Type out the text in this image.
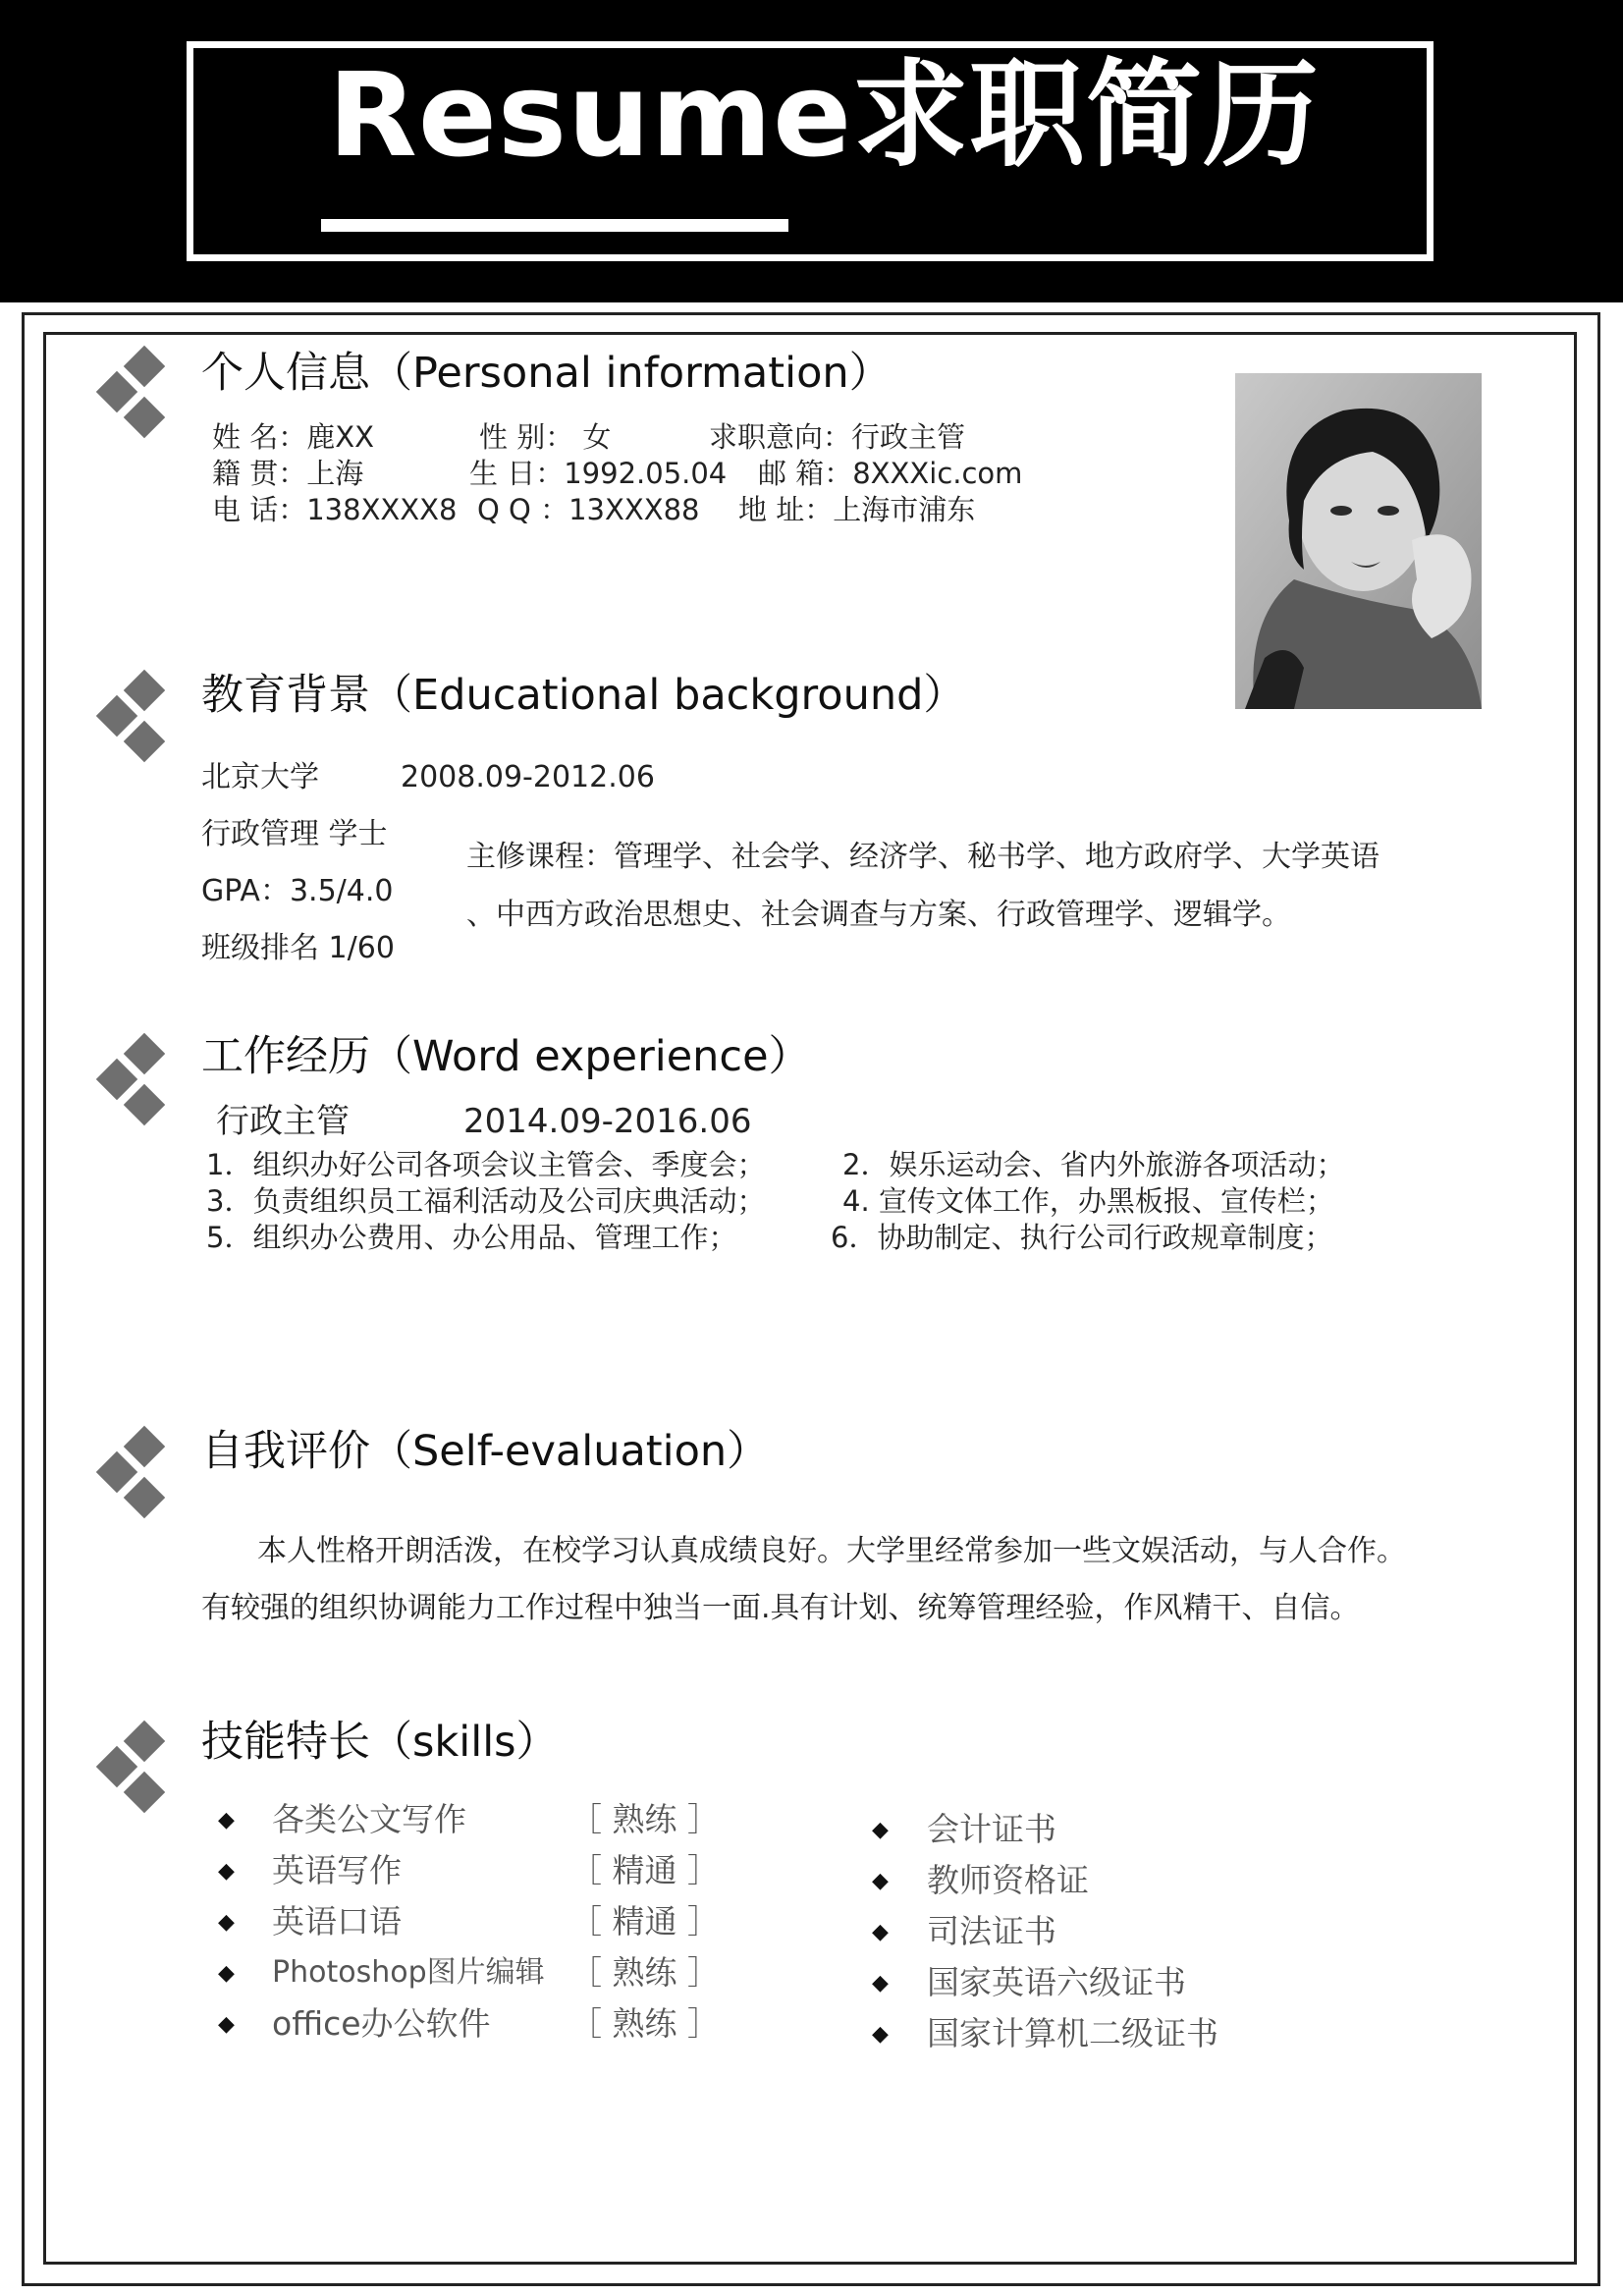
Resume求职简历
个人信息（Personal information）
姓 名：鹿XX	性 别： 女	求职意向：行政主管
籍 贯：上海	生 日：1992.05.04 邮 箱：8XXXic.com
电 话：138XXXX8 Q Q ：13XXX88 地 址：上海市浦东
教育背景（Educational background）
北京大学	2008.09-2012.06
行政管理 学士
GPA：3.5/4.0
班级排名 1/60
主修课程：管理学、社会学、经济学、秘书学、地方政府学、大学英语
、中西方政治思想史、社会调查与方案、行政管理学、逻辑学。
工作经历（Word experience）
行政主管	2014.09-2016.06
1．组织办好公司各项会议主管会、季度会；	2．娱乐运动会、省内外旅游各项活动；
3．负责组织员工福利活动及公司庆典活动；	4. 宣传文体工作，办黑板报、宣传栏；
5．组织办公费用、办公用品、管理工作；	6．协助制定、执行公司行政规章制度；
自我评价（Self-evaluation）
本人性格开朗活泼，在校学习认真成绩良好。大学里经常参加一些文娱活动，与人合作。
有较强的组织协调能力工作过程中独当一面.具有计划、统筹管理经验，作风精干、自信。
技能特长（skills）
◆ 各类公文写作	［ 熟练 ］
◆ 英语写作	［ 精通 ］
◆ 英语口语	［ 精通 ］
◆ Photoshop图片编辑 ［ 熟练 ］
◆ office办公软件 ［ 熟练 ］
◆ 会计证书
◆ 教师资格证
◆ 司法证书
◆ 国家英语六级证书
◆ 国家计算机二级证书
